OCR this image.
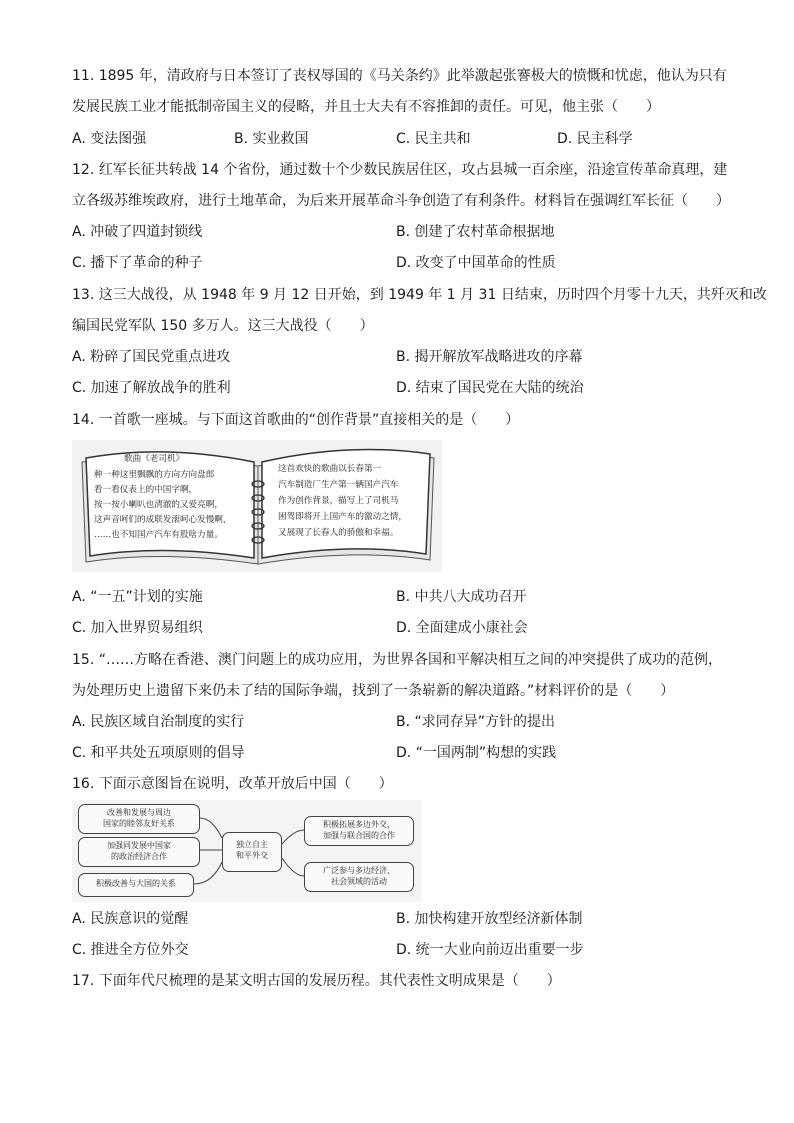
11. 1895 年，清政府与日本签订了丧权辱国的《马关条约》此举激起张謇极大的愤慨和忧虑，他认为只有
发展民族工业才能抵制帝国主义的侵略，并且士大夫有不容推卸的责任。可见，他主张（　　）
A. 变法图强	B. 实业救国	C. 民主共和	D. 民主科学
12. 红军长征共转战 14 个省份，通过数十个少数民族居住区，攻占县城一百余座，沿途宣传革命真理，建
立各级苏维埃政府，进行土地革命，为后来开展革命斗争创造了有利条件。材料旨在强调红军长征（　　）
A. 冲破了四道封锁线	B. 创建了农村革命根据地
C. 播下了革命的种子	D. 改变了中国革命的性质
13. 这三大战役，从 1948 年 9 月 12 日开始，到 1949 年 1 月 31 日结束，历时四个月零十九天，共歼灭和改
编国民党军队 150 多万人。这三大战役（　　）
A. 粉碎了国民党重点进攻	B. 揭开解放军战略进攻的序幕
C. 加速了解放战争的胜利	D. 结束了国民党在大陆的统治
14. 一首歌一座城。与下面这首歌曲的“创作背景”直接相关的是（　　）
歌曲《老司机》
种一种这里飘飘的方向方向盘郎
看一看仪表上的中国字啊，
按一按小喇叭也清澈的又爱亮啊，
这声音呵们的成联发滚呵心发慢啊，
……也不知国产汽车有股啥力量。
这首欢快的歌曲以长春第一
汽车制造厂生产第一辆国产汽车
作为创作背景，描写上了司机马
困驾即将开上国产车的激动之情，
又展现了长春人的骄傲和幸福。
A. “一五”计划的实施	B. 中共八大成功召开
C. 加入世界贸易组织	D. 全面建成小康社会
15. “……方略在香港、澳门问题上的成功应用，为世界各国和平解决相互之间的冲突提供了成功的范例，
为处理历史上遗留下来仍未了结的国际争端，找到了一条崭新的解决道路。”材料评价的是（　　）
A. 民族区域自治制度的实行	B. “求同存异”方针的提出
C. 和平共处五项原则的倡导	D. “一国两制”构想的实践
16. 下面示意图旨在说明，改革开放后中国（　　）
改善和发展与周边
国家的睦邻友好关系
加强同发展中国家
的政治经济合作
积极改善与大国的关系
独立自主
和平外交
积极拓展多边外交，
加强与联合国的合作
广泛参与多边经济、
社会领域的活动
A. 民族意识的觉醒	B. 加快构建开放型经济新体制
C. 推进全方位外交	D. 统一大业向前迈出重要一步
17. 下面年代尺梳理的是某文明古国的发展历程。其代表性文明成果是（　　）
